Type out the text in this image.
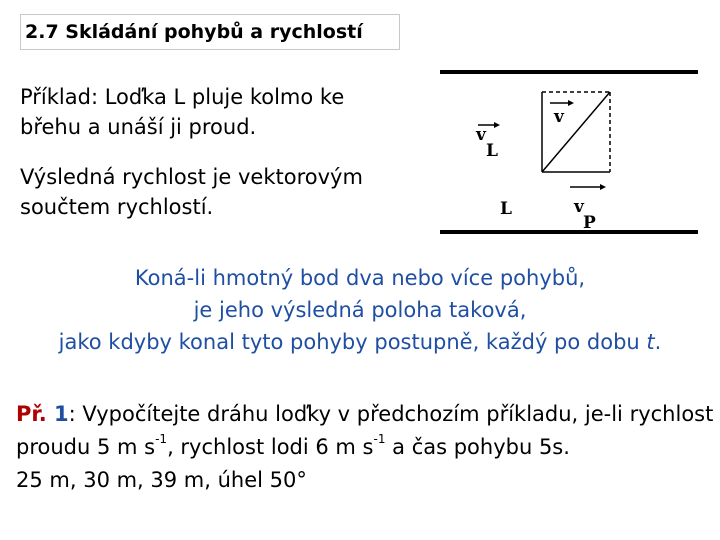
2.7 Skládání pohybů a rychlostí
Příklad: Loďka L pluje kolmo ke břehu a unáší ji proud.
Výsledná rychlost je vektorovým součtem rychlostí.
v
v
L
L	v
P
Koná-li hmotný bod dva nebo více pohybů,
je jeho výsledná poloha taková,
jako kdyby konal tyto pohyby postupně, každý po dobu t.
Př. 1: Vypočítejte dráhu loďky v předchozím příkladu, je-li rychlost proudu 5 m $s^{-1}$, rychlost lodi 6 m $s^{-1}$ a čas pohybu 5s.
25 m, 30 m, 39 m, úhel 50°
